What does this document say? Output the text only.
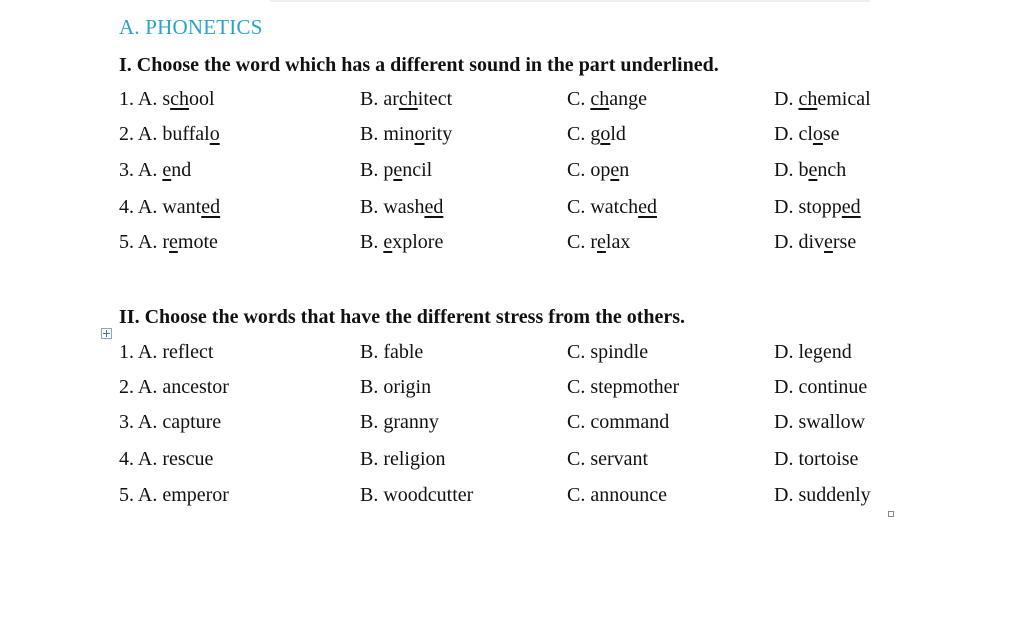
A. PHONETICS
I. Choose the word which has a different sound in the part underlined.
1. A. school	B. architect	C. change	D. chemical
2. A. buffalo	B. minority	C. gold	D. close
3. A. end	B. pencil	C. open	D. bench
4. A. wanted	B. washed	C. watched	D. stopped
5. A. remote	B. explore	C. relax	D. diverse
II. Choose the words that have the different stress from the others.
1. A. reflect	B. fable	C. spindle	D. legend
2. A. ancestor	B. origin	C. stepmother	D. continue
3. A. capture	B. granny	C. command	D. swallow
4. A. rescue	B. religion	C. servant	D. tortoise
5. A. emperor	B. woodcutter	C. announce	D. suddenly
